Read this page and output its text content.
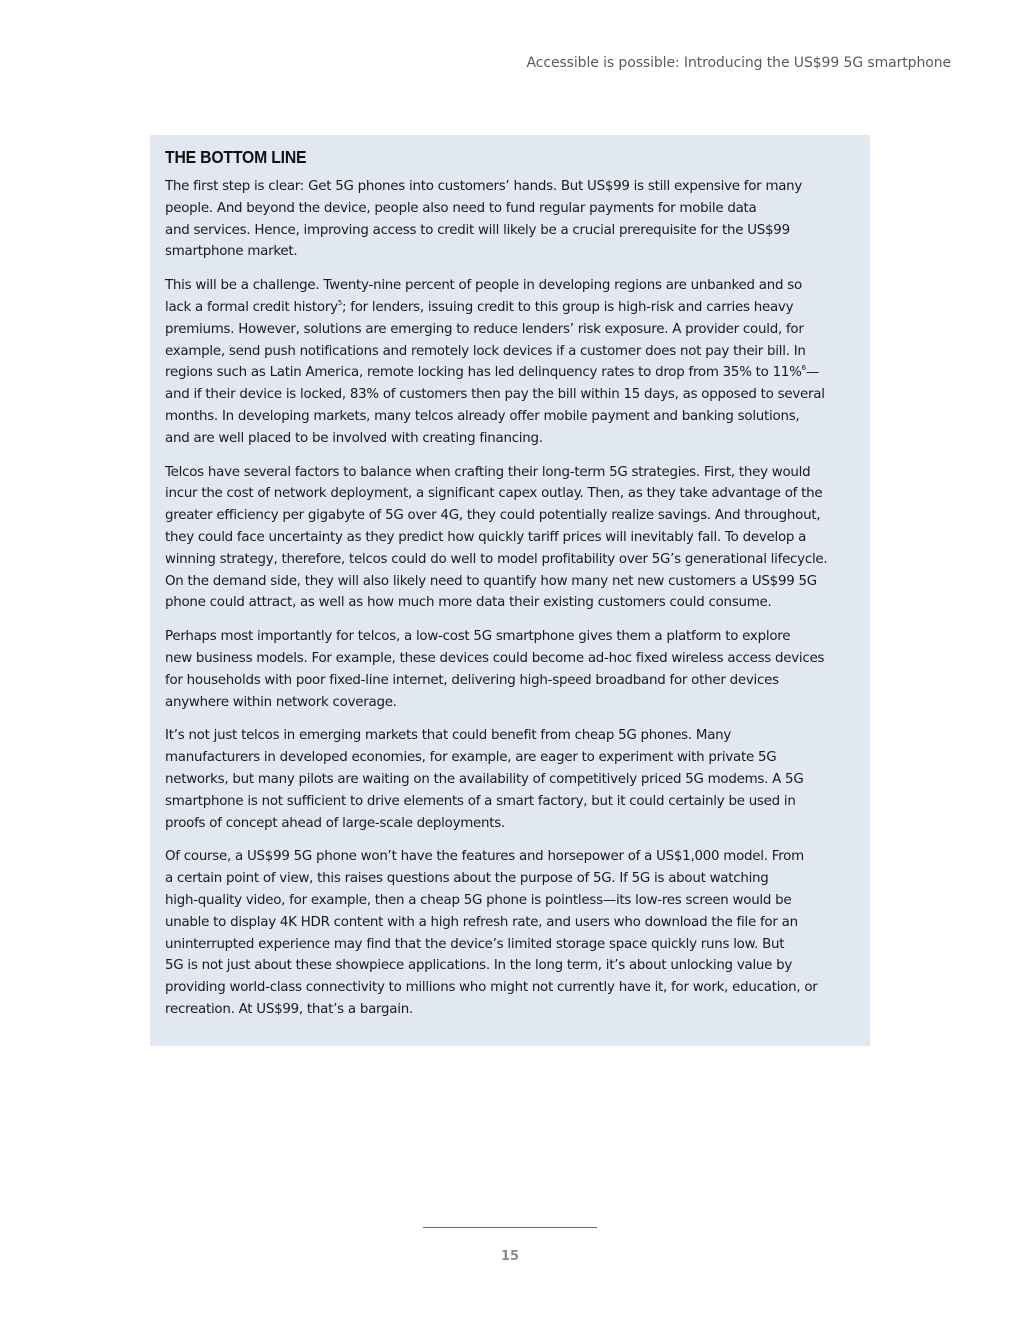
Accessible is possible: Introducing the US$99 5G smartphone
THE BOTTOM LINE

The first step is clear: Get 5G phones into customers’ hands. But US$99 is still expensive for many
people. And beyond the device, people also need to fund regular payments for mobile data
and services. Hence, improving access to credit will likely be a crucial prerequisite for the US$99
smartphone market.

This will be a challenge. Twenty-nine percent of people in developing regions are unbanked and so
lack a formal credit history$^5$; for lenders, issuing credit to this group is high-risk and carries heavy
premiums. However, solutions are emerging to reduce lenders’ risk exposure. A provider could, for
example, send push notifications and remotely lock devices if a customer does not pay their bill. In
regions such as Latin America, remote locking has led delinquency rates to drop from 35% to 11%$^6$—
and if their device is locked, 83% of customers then pay the bill within 15 days, as opposed to several
months. In developing markets, many telcos already offer mobile payment and banking solutions,
and are well placed to be involved with creating financing.

Telcos have several factors to balance when crafting their long-term 5G strategies. First, they would
incur the cost of network deployment, a significant capex outlay. Then, as they take advantage of the
greater efficiency per gigabyte of 5G over 4G, they could potentially realize savings. And throughout,
they could face uncertainty as they predict how quickly tariff prices will inevitably fall. To develop a
winning strategy, therefore, telcos could do well to model profitability over 5G’s generational lifecycle.
On the demand side, they will also likely need to quantify how many net new customers a US$99 5G
phone could attract, as well as how much more data their existing customers could consume.

Perhaps most importantly for telcos, a low-cost 5G smartphone gives them a platform to explore
new business models. For example, these devices could become ad-hoc fixed wireless access devices
for households with poor fixed-line internet, delivering high-speed broadband for other devices
anywhere within network coverage.

It’s not just telcos in emerging markets that could benefit from cheap 5G phones. Many
manufacturers in developed economies, for example, are eager to experiment with private 5G
networks, but many pilots are waiting on the availability of competitively priced 5G modems. A 5G
smartphone is not sufficient to drive elements of a smart factory, but it could certainly be used in
proofs of concept ahead of large-scale deployments.

Of course, a US$99 5G phone won’t have the features and horsepower of a US$1,000 model. From
a certain point of view, this raises questions about the purpose of 5G. If 5G is about watching
high-quality video, for example, then a cheap 5G phone is pointless—its low-res screen would be
unable to display 4K HDR content with a high refresh rate, and users who download the file for an
uninterrupted experience may find that the device’s limited storage space quickly runs low. But
5G is not just about these showpiece applications. In the long term, it’s about unlocking value by
providing world-class connectivity to millions who might not currently have it, for work, education, or
recreation. At US$99, that’s a bargain.

15
